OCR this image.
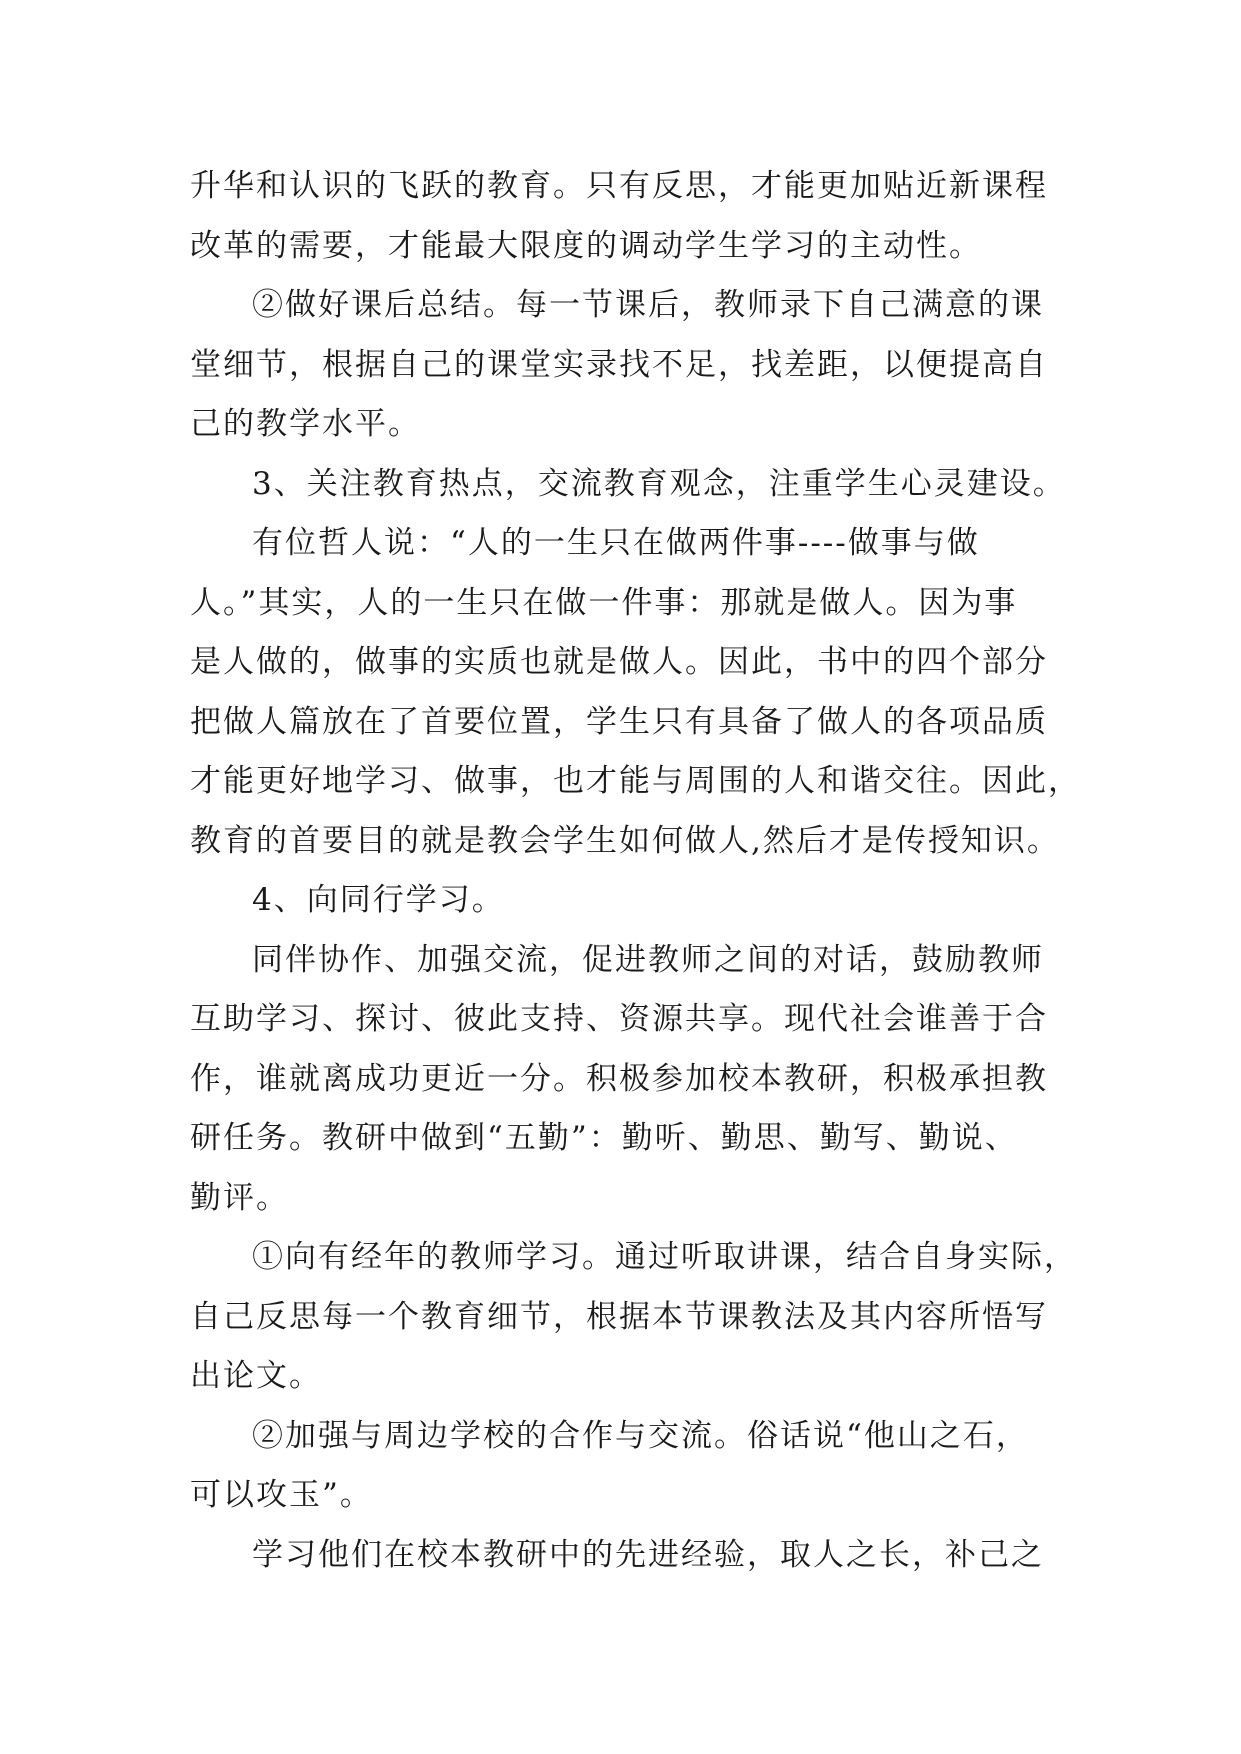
升华和认识的飞跃的教育。只有反思，才能更加贴近新课程
改革的需要，才能最大限度的调动学生学习的主动性。
②做好课后总结。每一节课后，教师录下自己满意的课
堂细节，根据自己的课堂实录找不足，找差距，以便提高自
己的教学水平。
3、关注教育热点，交流教育观念，注重学生心灵建设。
有位哲人说：“人的一生只在做两件事----做事与做
人。”其实，人的一生只在做一件事：那就是做人。因为事
是人做的，做事的实质也就是做人。因此，书中的四个部分
把做人篇放在了首要位置，学生只有具备了做人的各项品质
才能更好地学习、做事，也才能与周围的人和谐交往。因此，
教育的首要目的就是教会学生如何做人,然后才是传授知识。
4、向同行学习。
同伴协作、加强交流，促进教师之间的对话，鼓励教师
互助学习、探讨、彼此支持、资源共享。现代社会谁善于合
作，谁就离成功更近一分。积极参加校本教研，积极承担教
研任务。教研中做到“五勤”：勤听、勤思、勤写、勤说、
勤评。
①向有经年的教师学习。通过听取讲课，结合自身实际，
自己反思每一个教育细节，根据本节课教法及其内容所悟写
出论文。
②加强与周边学校的合作与交流。俗话说“他山之石，
可以攻玉”。
学习他们在校本教研中的先进经验，取人之长，补己之
